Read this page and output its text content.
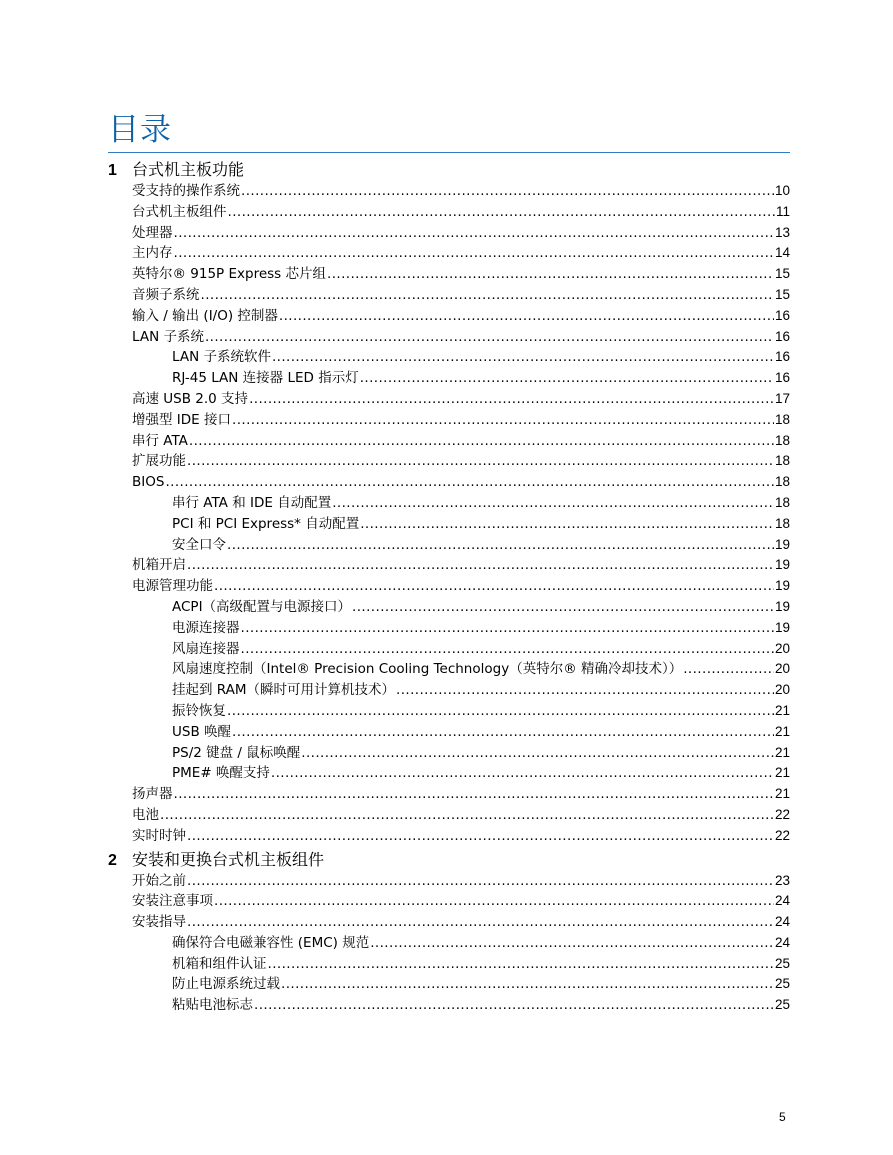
目录
1 台式机主板功能
受支持的操作系统 .....	10
台式机主板组件 .....	11
处理器 .....	13
主内存 .....	14
英特尔® 915P Express 芯片组 .....	15
音频子系统 .....	15
输入 / 输出 (I/O) 控制器 .....	16
LAN 子系统 .....	16
LAN 子系统软件 .....	16
RJ-45 LAN 连接器 LED 指示灯 .....	16
高速 USB 2.0 支持 .....	17
增强型 IDE 接口 .....	18
串行 ATA .....	18
扩展功能 .....	18
BIOS .....	18
串行 ATA 和 IDE 自动配置 .....	18
PCI 和 PCI Express* 自动配置 .....	18
安全口令 .....	19
机箱开启 .....	19
电源管理功能 .....	19
ACPI（高级配置与电源接口） .....	19
电源连接器 .....	19
风扇连接器 .....	20
风扇速度控制（Intel® Precision Cooling Technology（英特尔® 精确冷却技术）） .....	20
挂起到 RAM（瞬时可用计算机技术） .....	20
振铃恢复 .....	21
USB 唤醒 .....	21
PS/2 键盘 / 鼠标唤醒 .....	21
PME# 唤醒支持 .....	21
扬声器 .....	21
电池 .....	22
实时时钟 .....	22
2 安装和更换台式机主板组件
开始之前 .....	23
安装注意事项 .....	24
安装指导 .....	24
确保符合电磁兼容性 (EMC) 规范 .....	24
机箱和组件认证 .....	25
防止电源系统过载 .....	25
粘贴电池标志 .....	25
5
